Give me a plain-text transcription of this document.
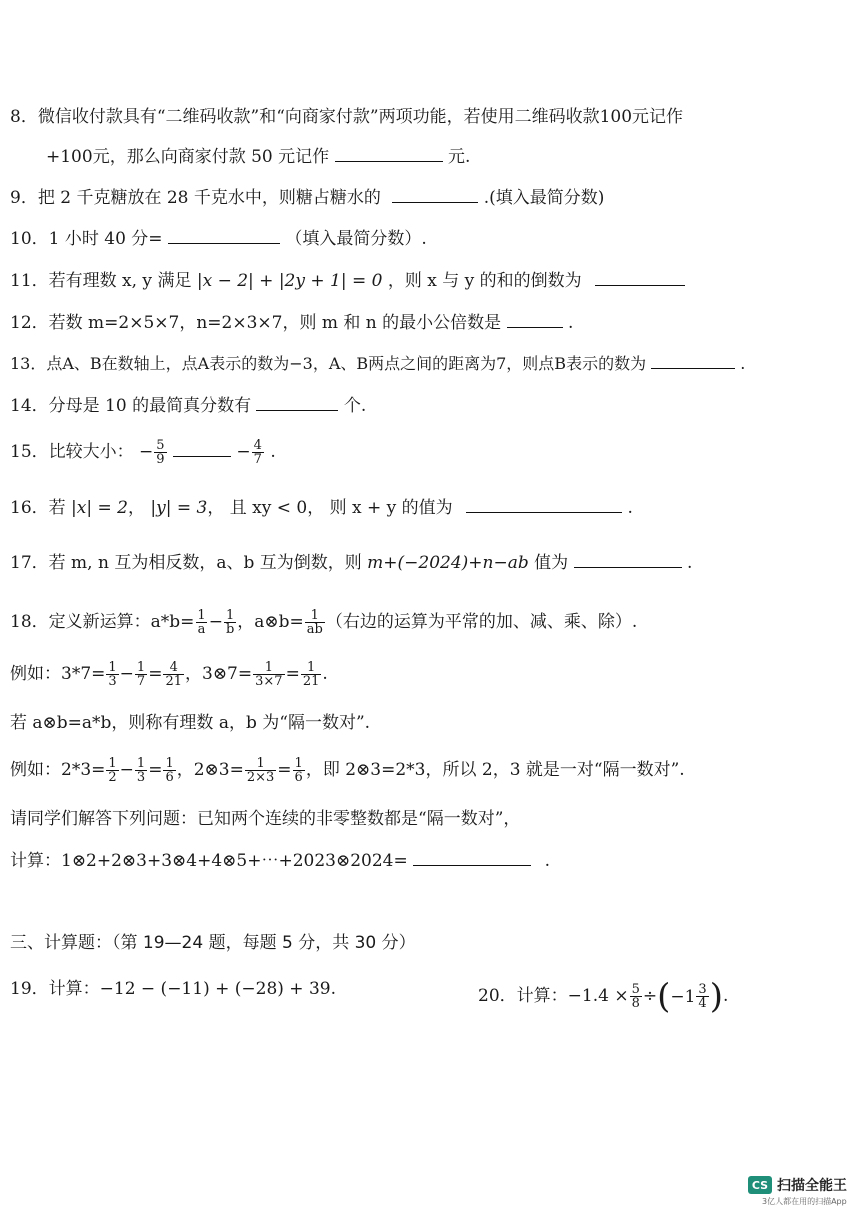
8．微信收付款具有“二维码收款”和“向商家付款”两项功能，若使用二维码收款100元记作
+100元，那么向商家付款 50 元记作	元.
9．把 2 千克糖放在 28 千克水中，则糖占糖水的	.(填入最简分数)
10．1 小时 40 分=	（填入最简分数）.
11．若有理数 x, y 满足 |x − 2| + |2y + 1| = 0 ，则 x 与 y 的和的倒数为
12．若数 m=2×5×7，n=2×3×7，则 m 和 n 的最小公倍数是	.
13．点A、B在数轴上，点A表示的数为−3，A、B两点之间的距离为7，则点B表示的数为	.
14．分母是 10 的最简真分数有	个.
15．比较大小： − $\frac{5}{9}$	− $\frac{4}{7}$ .
16．若 |x| = 2， |y| = 3， 且 xy < 0， 则 x + y 的值为	.
17．若 m, n 互为相反数，a、b 互为倒数，则 m+(−2024)+n−ab 值为	.
18．定义新运算：$a*b= \frac{1}{a} - \frac{1}{b}$ ，a⊗b= $\frac{1}{ab}$ （右边的运算为平常的加、减、乘、除）.
例如：$3*7= \frac{1}{3} - \frac{1}{7} = \frac{4}{21}$ ，3⊗7= $\frac{1}{3\times 7} = \frac{1}{21}$ .
若 a⊗b=a*b，则称有理数 a，b 为“隔一数对”.
例如：$2*3= \frac{1}{2} - \frac{1}{3} = \frac{1}{6}$ ，2⊗3= $\frac{1}{2\times 3} = \frac{1}{6}$ ，即 2⊗3=2*3，所以 2，3 就是一对“隔一数对”.
请同学们解答下列问题：已知两个连续的非零整数都是“隔一数对”，
计算：1⊗2+2⊗3+3⊗4+4⊗5+⋯+2023⊗2024=	.
三、计算题：（第 19—24 题，每题 5 分，共 30 分）
19．计算：−12 − (−11) + (−28) + 39.	20．计算：$-1.4 \times \frac{5}{8}$ ÷( $-1 \frac{3}{4}$ ).
CS 扫描全能王
3亿人都在用的扫描App
